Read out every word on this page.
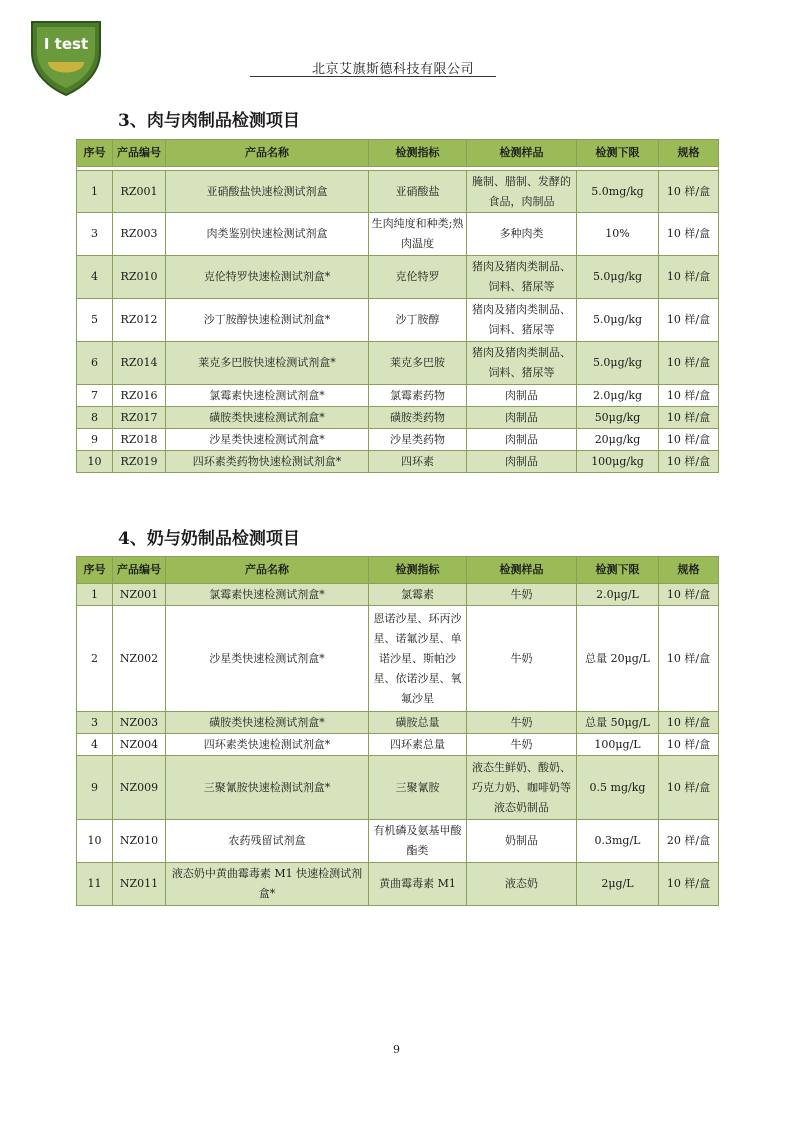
I test
北京艾旗斯德科技有限公司
3、肉与肉制品检测项目
序号	产品编号	产品名称	检测指标	检测样品	检测下限	规格

1	RZ001	亚硝酸盐快速检测试剂盒	亚硝酸盐	腌制、腊制、发酵的食品，肉制品	5.0mg/kg	10 样/盒
3	RZ003	肉类鉴别快速检测试剂盒	生肉纯度和种类;熟肉温度	多种肉类	10%	10 样/盒
4	RZ010	克伦特罗快速检测试剂盒*	克伦特罗	猪肉及猪肉类制品、饲料、猪尿等	5.0μg/kg	10 样/盒
5	RZ012	沙丁胺醇快速检测试剂盒*	沙丁胺醇	猪肉及猪肉类制品、饲料、猪尿等	5.0μg/kg	10 样/盒
6	RZ014	莱克多巴胺快速检测试剂盒*	莱克多巴胺	猪肉及猪肉类制品、饲料、猪尿等	5.0μg/kg	10 样/盒
7	RZ016	氯霉素快速检测试剂盒*	氯霉素药物	肉制品	2.0μg/kg	10 样/盒
8	RZ017	磺胺类快速检测试剂盒*	磺胺类药物	肉制品	50μg/kg	10 样/盒
9	RZ018	沙星类快速检测试剂盒*	沙星类药物	肉制品	20μg/kg	10 样/盒
10	RZ019	四环素类药物快速检测试剂盒*	四环素	肉制品	100μg/kg	10 样/盒
4、奶与奶制品检测项目
序号	产品编号	产品名称	检测指标	检测样品	检测下限	规格
1	NZ001	氯霉素快速检测试剂盒*	氯霉素	牛奶	2.0μg/L	10 样/盒
2	NZ002	沙星类快速检测试剂盒*	恩诺沙星、环丙沙星、诺氟沙星、单诺沙星、斯帕沙星、依诺沙星、氧氟沙星	牛奶	总量 20μg/L	10 样/盒
3	NZ003	磺胺类快速检测试剂盒*	磺胺总量	牛奶	总量 50μg/L	10 样/盒
4	NZ004	四环素类快速检测试剂盒*	四环素总量	牛奶	100μg/L	10 样/盒
9	NZ009	三聚氰胺快速检测试剂盒*	三聚氰胺	液态生鲜奶、酸奶、巧克力奶、咖啡奶等液态奶制品	0.5 mg/kg	10 样/盒
10	NZ010	农药残留试剂盒	有机磷及氨基甲酸酯类	奶制品	0.3mg/L	20 样/盒
11	NZ011	液态奶中黄曲霉毒素 M1 快速检测试剂盒*	黄曲霉毒素 M1	液态奶	2μg/L	10 样/盒
9
